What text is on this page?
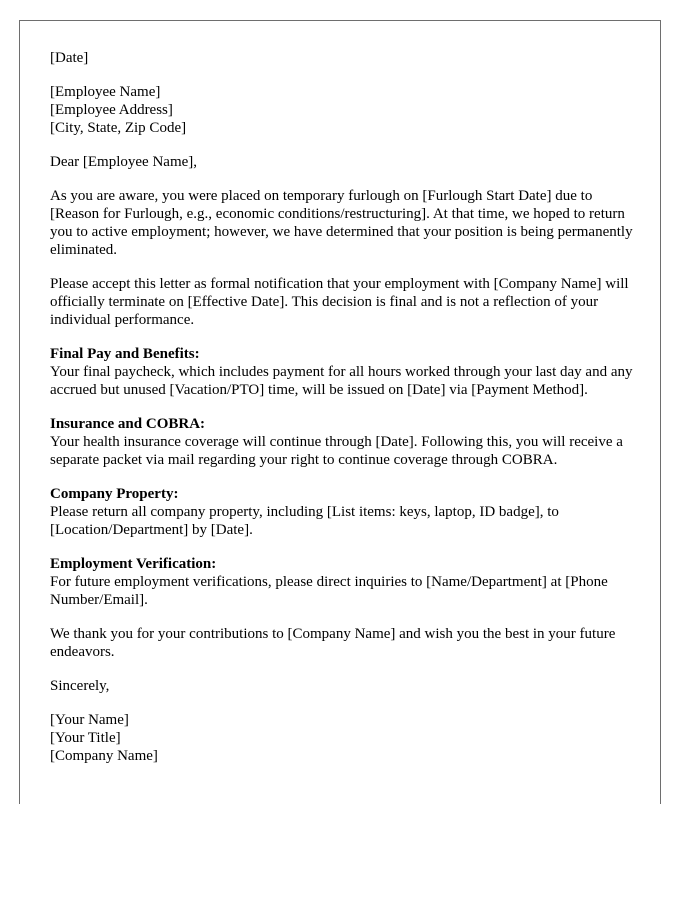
[Date]
[Employee Name]
[Employee Address]
[City, State, Zip Code]
Dear [Employee Name],
As you are aware, you were placed on temporary furlough on [Furlough Start Date] due to [Reason for Furlough, e.g., economic conditions/restructuring]. At that time, we hoped to return you to active employment; however, we have determined that your position is being permanently eliminated.
Please accept this letter as formal notification that your employment with [Company Name] will officially terminate on [Effective Date]. This decision is final and is not a reflection of your individual performance.
Final Pay and Benefits:
Your final paycheck, which includes payment for all hours worked through your last day and any accrued but unused [Vacation/PTO] time, will be issued on [Date] via [Payment Method].
Insurance and COBRA:
Your health insurance coverage will continue through [Date]. Following this, you will receive a separate packet via mail regarding your right to continue coverage through COBRA.
Company Property:
Please return all company property, including [List items: keys, laptop, ID badge], to [Location/Department] by [Date].
Employment Verification:
For future employment verifications, please direct inquiries to [Name/Department] at [Phone Number/Email].
We thank you for your contributions to [Company Name] and wish you the best in your future endeavors.
Sincerely,
[Your Name]
[Your Title]
[Company Name]
